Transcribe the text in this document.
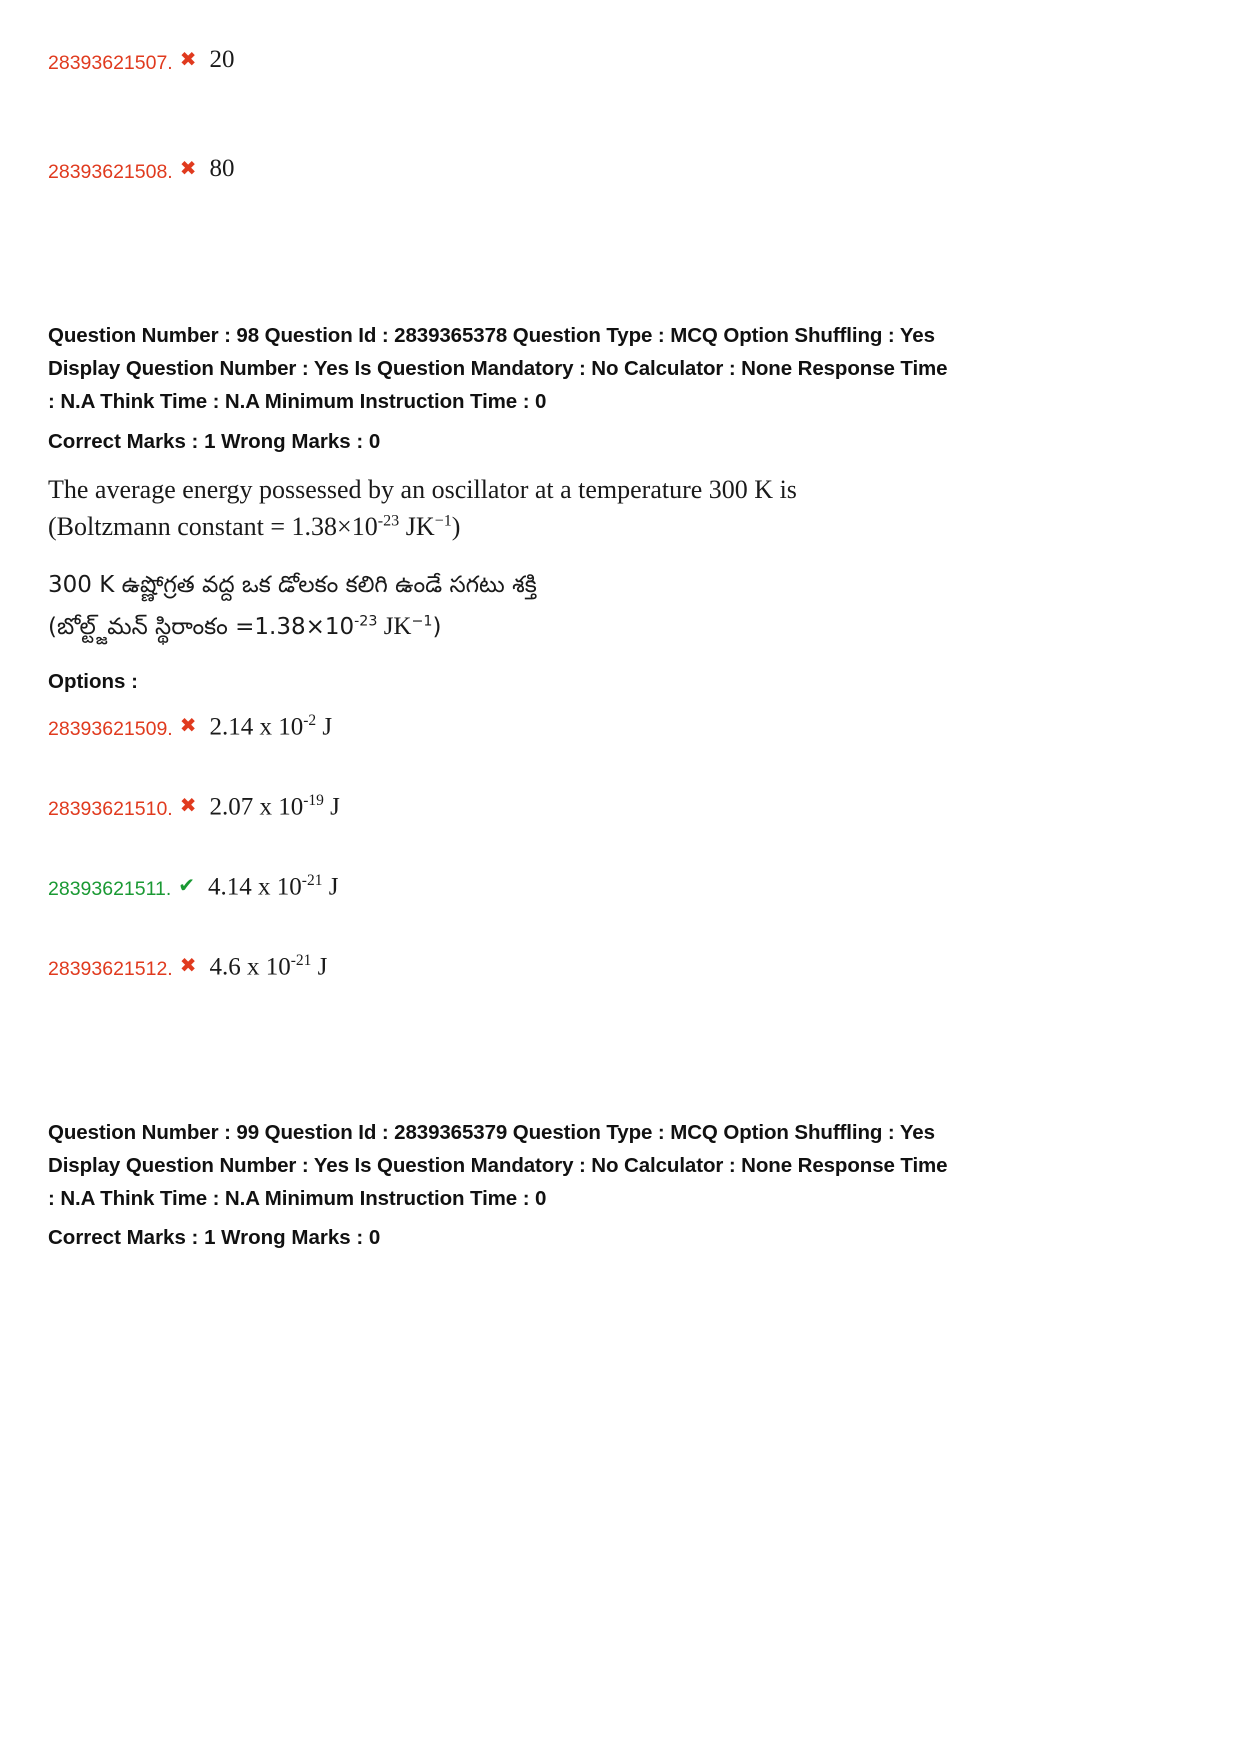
28393621507. ✖ 20
28393621508. ✖ 80
Question Number : 98 Question Id : 2839365378 Question Type : MCQ Option Shuffling : Yes
Display Question Number : Yes Is Question Mandatory : No Calculator : None Response Time
: N.A Think Time : N.A Minimum Instruction Time : 0
Correct Marks : 1 Wrong Marks : 0
The average energy possessed by an oscillator at a temperature 300 K is
(Boltzmann constant = $1.38\times 10^{-23}$ $JK^{-1}$)
300 K ఉష్ణోగ్రత వద్ద ఒక డోలకం కలిగి ఉండే సగటు శక్తి
(బోల్ట్జ్‌మన్ స్థిరాంకం $=1.38\times 10^{-23}$ $JK^{-1}$)
Options :
28393621509. ✖ 2.14 x $10^{-2}$ J
28393621510. ✖ 2.07 x $10^{-19}$ J
28393621511. ✔ 4.14 x $10^{-21}$ J
28393621512. ✖ 4.6 x $10^{-21}$ J
Question Number : 99 Question Id : 2839365379 Question Type : MCQ Option Shuffling : Yes
Display Question Number : Yes Is Question Mandatory : No Calculator : None Response Time
: N.A Think Time : N.A Minimum Instruction Time : 0
Correct Marks : 1 Wrong Marks : 0
